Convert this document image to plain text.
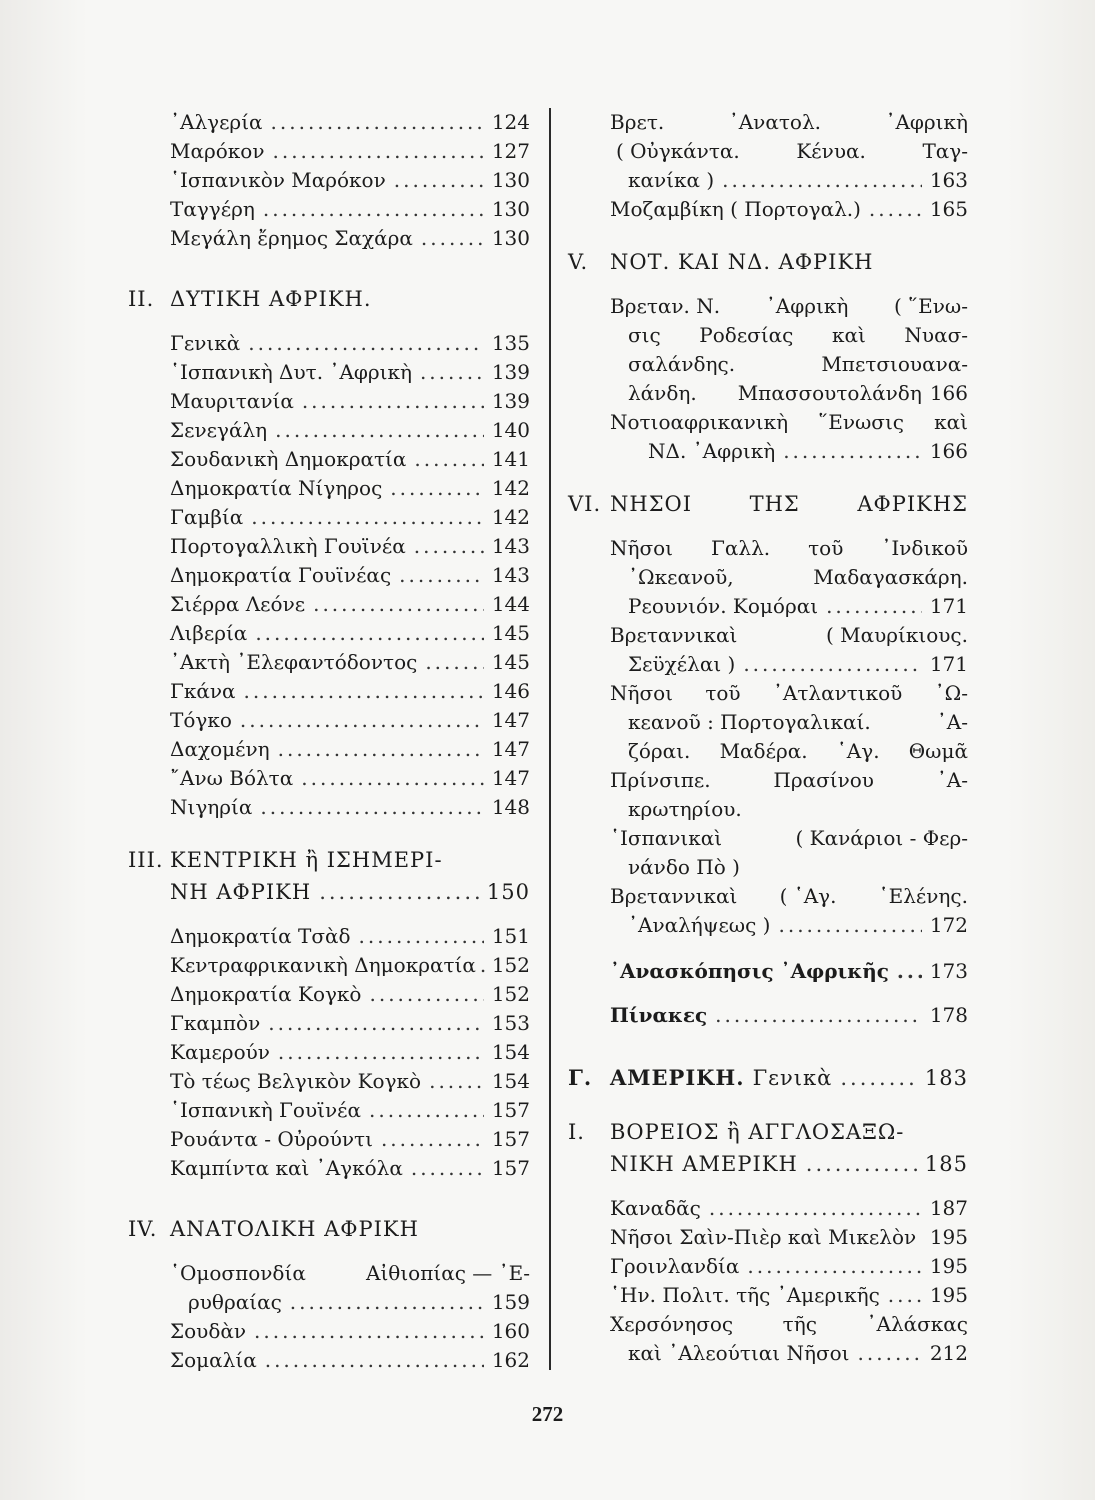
᾿Αλγερία .....	124
Μαρόκον .....	127
῾Ισπανικὸν Μαρόκον .....	130
Ταγγέρη .....	130
Μεγάλη ἔρημος Σαχάρα .....	130
II. ΔΥΤΙΚΗ ΑΦΡΙΚΗ.
Γενικὰ .....	135
῾Ισπανικὴ Δυτ. ᾿Αφρικὴ .....	139
Μαυριτανία .....	139
Σενεγάλη .....	140
Σουδανικὴ Δημοκρατία .....	141
Δημοκρατία Νίγηρος .....	142
Γαμβία .....	142
Πορτογαλλικὴ Γουϊνέα .....	143
Δημοκρατία Γουϊνέας .....	143
Σιέρρα Λεόνε .....	144
Λιβερία .....	145
᾿Ακτὴ ᾿Ελεφαντόδοντος .....	145
Γκάνα .....	146
Τόγκο .....	147
Δαχομένη .....	147
῎Ανω Βόλτα .....	147
Νιγηρία .....	148
III. ΚΕΝΤΡΙΚΗ ἢ ΙΣΗΜΕΡΙ-
ΝΗ ΑΦΡΙΚΗ .....	150
Δημοκρατία Τσὰδ .....	151
Κεντραφρικανικὴ Δημοκρατία ..... 152
Δημοκρατία Κογκὸ .....	152
Γκαμπὸν .....	153
Καμερούν .....	154
Τὸ τέως Βελγικὸν Κογκὸ .....	154
῾Ισπανικὴ Γουϊνέα .....	157
Ρουάντα - Οὐρούντι .....	157
Καμπίντα καὶ ᾿Αγκόλα .....	157
IV. ΑΝΑΤΟΛΙΚΗ ΑΦΡΙΚΗ
῾Ομοσπονδία	Αἰθιοπίας — ᾿Ε-
ρυθραίας .....	159
Σουδὰν .....	160
Σομαλία .....	162
Βρετ.	᾿Ανατολ.	᾿Αφρικὴ
( Οὐγκάντα.	Κένυα.	Ταγ-
κανίκα ) .....	163
Μοζαμβίκη ( Πορτογαλ.) .....	165
V.	ΝΟΤ. ΚΑΙ ΝΔ. ΑΦΡΙΚΗ
Βρεταν. Ν. ᾿Αφρικὴ ( ῞Ενω-
σις Ροδεσίας καὶ Νυασ-
σαλάνδης.	Μπετσιουανα-
λάνδη. Μπασσουτολάνδη 166
Νοτιοαφρικανικὴ ῞Ενωσις καὶ
ΝΔ. ᾿Αφρικὴ .....	166
VI. ΝΗΣΟΙ	ΤΗΣ	ΑΦΡΙΚΗΣ
Νῆσοι Γαλλ. τοῦ ᾿Ινδικοῦ
᾿Ωκεανοῦ,	Μαδαγασκάρη.
Ρεουνιόν. Κομόραι .....	171
Βρεταννικαὶ	( Μαυρίκιους.
Σεϋχέλαι ) .....	171
Νῆσοι τοῦ ᾿Ατλαντικοῦ ᾿Ω-
κεανοῦ : Πορτογαλικαί.	᾿Α-
ζόραι. Μαδέρα. ῾Αγ. Θωμᾶ
Πρίνσιπε.	Πρασίνου	᾿Α-
κρωτηρίου.
῾Ισπανικαὶ	( Κανάριοι - Φερ-
νάνδο Πὸ )
Βρεταννικαὶ ( ῾Αγ. ῾Ελένης.
᾿Αναλήψεως ) .....	172
᾿Ανασκόπησις ᾿Αφρικῆς ..... 173
Πίνακες .....	178
Γ. ΑΜΕΡΙΚΗ. Γενικὰ .....	183
I.	ΒΟΡΕΙΟΣ ἢ ΑΓΓΛΟΣΑΞΩ-
ΝΙΚΗ ΑΜΕΡΙΚΗ .....	185
Καναδᾶς .....	187
Νῆσοι Σαὶν-Πιὲρ καὶ Μικελὸν 195
Γροινλανδία .....	195
῾Ην. Πολιτ. τῆς ᾿Αμερικῆς .....	195
Χερσόνησος τῆς ᾿Αλάσκας
καὶ ᾿Αλεούτιαι Νῆσοι .....	212
272
